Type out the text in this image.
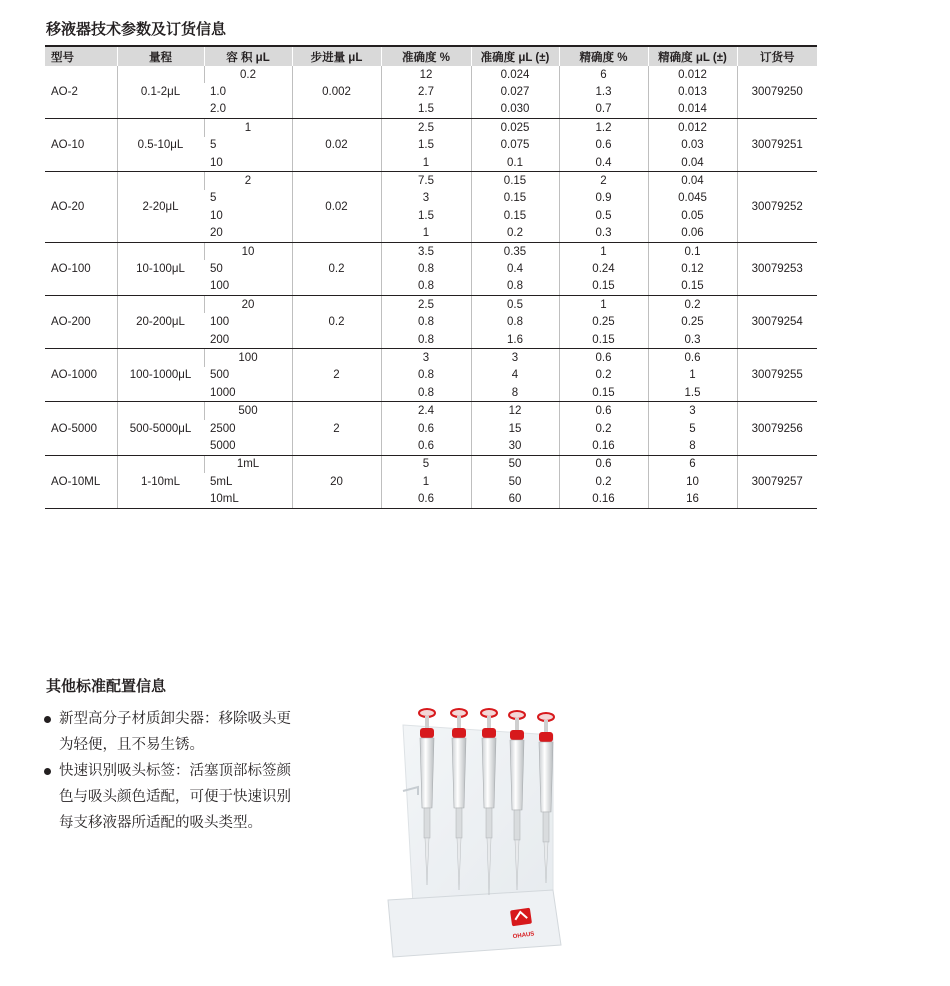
移液器技术参数及订货信息
型号	量程	容 积 μL	步进量 μL	准确度 %	准确度 μL (±)	精确度 %	精确度 μL (±)	订货号
AO-2	0.1-2μL	0.2	0.002	12	0.024	6	0.012	30079250
		1.0		2.7	0.027	1.3	0.013	
		2.0		1.5	0.030	0.7	0.014	
AO-10	0.5-10μL	1	0.02	2.5	0.025	1.2	0.012	30079251
		5		1.5	0.075	0.6	0.03	
		10		1	0.1	0.4	0.04	
AO-20	2-20μL	2	0.02	7.5	0.15	2	0.04	30079252
		5		3	0.15	0.9	0.045	
		10		1.5	0.15	0.5	0.05	
		20		1	0.2	0.3	0.06	
AO-100	10-100μL	10	0.2	3.5	0.35	1	0.1	30079253
		50		0.8	0.4	0.24	0.12	
		100		0.8	0.8	0.15	0.15	
AO-200	20-200μL	20	0.2	2.5	0.5	1	0.2	30079254
		100		0.8	0.8	0.25	0.25	
		200		0.8	1.6	0.15	0.3	
AO-1000	100-1000μL	100	2	3	3	0.6	0.6	30079255
		500		0.8	4	0.2	1	
		1000		0.8	8	0.15	1.5	
AO-5000	500-5000μL	500	2	2.4	12	0.6	3	30079256
		2500		0.6	15	0.2	5	
		5000		0.6	30	0.16	8	
AO-10ML	1-10mL	1mL	20	5	50	0.6	6	30079257
		5mL		1	50	0.2	10	
		10mL		0.6	60	0.16	16	
其他标准配置信息
新型高分子材质卸尖器：移除吸头更
为轻便，且不易生锈。
快速识别吸头标签：活塞顶部标签颜
色与吸头颜色适配，可便于快速识别
每支移液器所适配的吸头类型。
OHAUS
